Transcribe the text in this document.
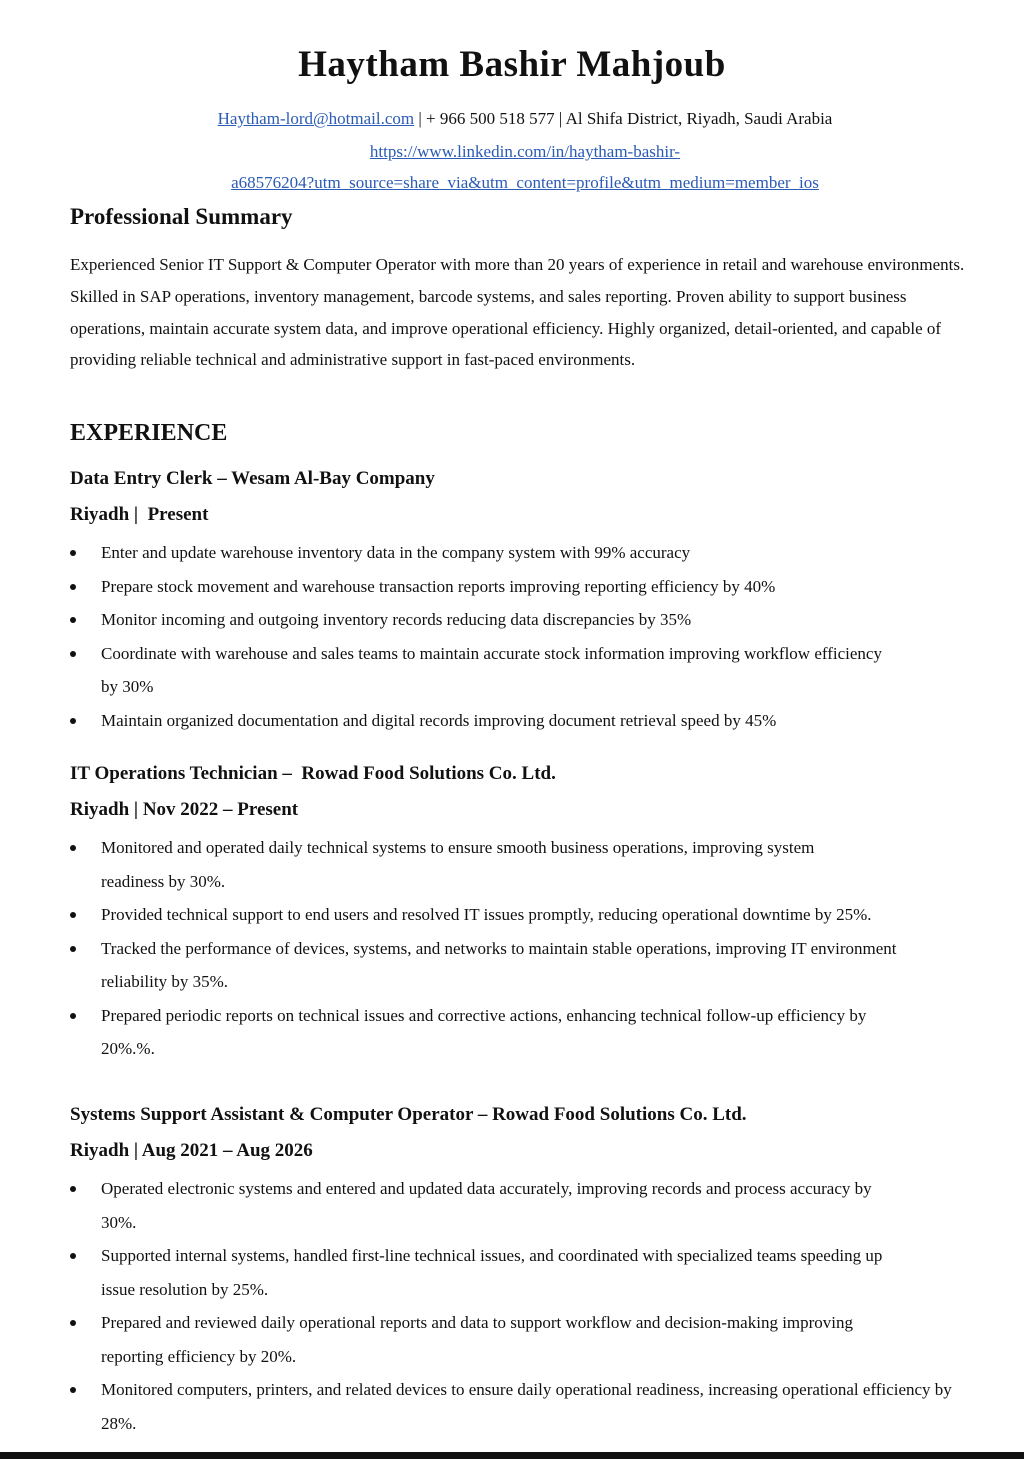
Haytham Bashir Mahjoub
Haytham-lord@hotmail.com | + 966 500 518 577 | Al Shifa District, Riyadh, Saudi Arabia
https://www.linkedin.com/in/haytham-bashir-
a68576204?utm_source=share_via&utm_content=profile&utm_medium=member_ios
Professional Summary
Experienced Senior IT Support & Computer Operator with more than 20 years of experience in retail and warehouse environments. Skilled in SAP operations, inventory management, barcode systems, and sales reporting. Proven ability to support business operations, maintain accurate system data, and improve operational efficiency. Highly organized, detail-oriented, and capable of providing reliable technical and administrative support in fast-paced environments.
EXPERIENCE
Data Entry Clerk – Wesam Al-Bay Company
Riyadh |  Present
Enter and update warehouse inventory data in the company system with 99% accuracy
Prepare stock movement and warehouse transaction reports improving reporting efficiency by 40%
Monitor incoming and outgoing inventory records reducing data discrepancies by 35%
Coordinate with warehouse and sales teams to maintain accurate stock information improving workflow efficiency by 30%
Maintain organized documentation and digital records improving document retrieval speed by 45%
IT Operations Technician –  Rowad Food Solutions Co. Ltd.
Riyadh | Nov 2022 – Present
Monitored and operated daily technical systems to ensure smooth business operations, improving system readiness by 30%.
Provided technical support to end users and resolved IT issues promptly, reducing operational downtime by 25%.
Tracked the performance of devices, systems, and networks to maintain stable operations, improving IT environment reliability by 35%.
Prepared periodic reports on technical issues and corrective actions, enhancing technical follow-up efficiency by 20%.%.
Systems Support Assistant & Computer Operator – Rowad Food Solutions Co. Ltd.
Riyadh | Aug 2021 – Aug 2026
Operated electronic systems and entered and updated data accurately, improving records and process accuracy by 30%.
Supported internal systems, handled first-line technical issues, and coordinated with specialized teams speeding up issue resolution by 25%.
Prepared and reviewed daily operational reports and data to support workflow and decision-making improving reporting efficiency by 20%.
Monitored computers, printers, and related devices to ensure daily operational readiness, increasing operational efficiency by 28%.
